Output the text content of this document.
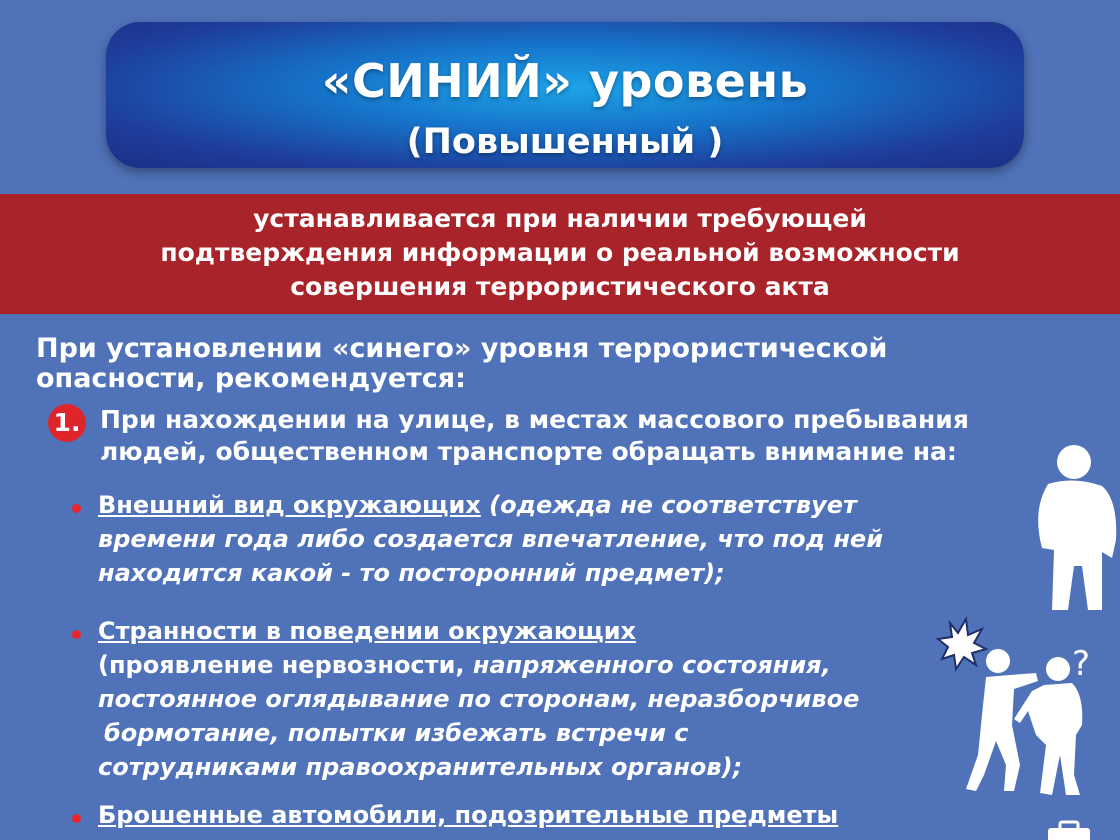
«СИНИЙ» уровень
(Повышенный )
устанавливается при наличии требующей
подтверждения информации о реальной возможности
совершения террористического акта
При установлении «синего» уровня террористической
опасности, рекомендуется:
1. При нахождении на улице, в местах массового пребывания
людей, общественном транспорте обращать внимание на:
Внешний вид окружающих (одежда не соответствует
времени года либо создается впечатление, что под ней
находится какой - то посторонний предмет);
Странности в поведении окружающих
(проявление нервозности, напряженного состояния,
постоянное оглядывание по сторонам, неразборчивое
бормотание, попытки избежать встречи с
сотрудниками правоохранительных органов);
Брошенные автомобили, подозрительные предметы
?
